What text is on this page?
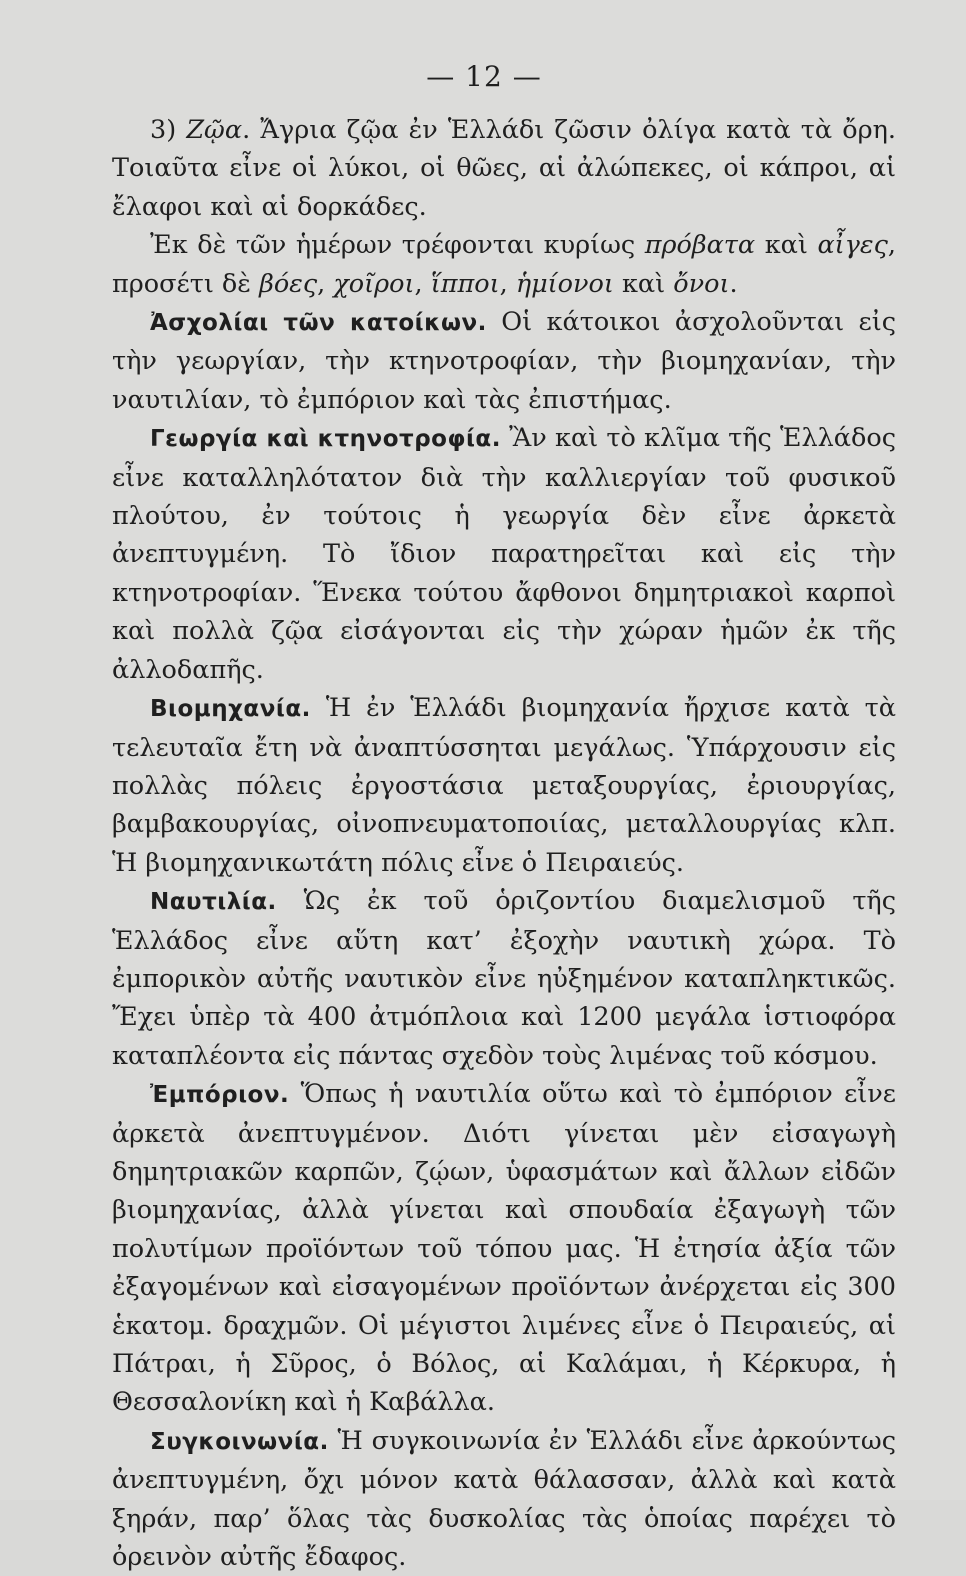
— 12 —

3) Ζῷα. Ἄγρια ζῷα ἐν Ἑλλάδι ζῶσιν ὀλίγα κατὰ τὰ ὄρη. Τοιαῦτα εἶνε οἱ λύκοι, οἱ θῶες, αἱ ἀλώπεκες, οἱ κάπροι, αἱ ἔλαφοι καὶ αἱ δορκάδες.

Ἐκ δὲ τῶν ἡμέρων τρέφονται κυρίως πρόβατα καὶ αἶγες, προσέτι δὲ βόες, χοῖροι, ἵπποι, ἡμίονοι καὶ ὄνοι.

Ἀσχολίαι τῶν κατοίκων. Οἱ κάτοικοι ἀσχολοῦνται εἰς τὴν γεωργίαν, τὴν κτηνοτροφίαν, τὴν βιομηχανίαν, τὴν ναυτιλίαν, τὸ ἐμπόριον καὶ τὰς ἐπιστήμας.

Γεωργία καὶ κτηνοτροφία. Ἂν καὶ τὸ κλῖμα τῆς Ἑλλάδος εἶνε καταλληλότατον διὰ τὴν καλλιεργίαν τοῦ φυσικοῦ πλούτου, ἐν τούτοις ἡ γεωργία δὲν εἶνε ἀρκετὰ ἀνεπτυγμένη. Τὸ ἴδιον παρατηρεῖται καὶ εἰς τὴν κτηνοτροφίαν. Ἕνεκα τούτου ἄφθονοι δημητριακοὶ καρποὶ καὶ πολλὰ ζῷα εἰσάγονται εἰς τὴν χώραν ἡμῶν ἐκ τῆς ἀλλοδαπῆς.

Βιομηχανία. Ἡ ἐν Ἑλλάδι βιομηχανία ἤρχισε κατὰ τὰ τελευταῖα ἔτη νὰ ἀναπτύσσηται μεγάλως. Ὑπάρχουσιν εἰς πολλὰς πόλεις ἐργοστάσια μεταξουργίας, ἐριουργίας, βαμβακουργίας, οἰνοπνευματοποιίας, μεταλλουργίας κλπ. Ἡ βιομηχανικωτάτη πόλις εἶνε ὁ Πειραιεύς.

Ναυτιλία. Ὡς ἐκ τοῦ ὁριζοντίου διαμελισμοῦ τῆς Ἑλλάδος εἶνε αὕτη κατ’ ἐξοχὴν ναυτικὴ χώρα. Τὸ ἐμπορικὸν αὐτῆς ναυτικὸν εἶνε ηὐξημένον καταπληκτικῶς. Ἔχει ὑπὲρ τὰ 400 ἀτμόπλοια καὶ 1200 μεγάλα ἱστιοφόρα καταπλέοντα εἰς πάντας σχεδὸν τοὺς λιμένας τοῦ κόσμου.

Ἐμπόριον. Ὅπως ἡ ναυτιλία οὕτω καὶ τὸ ἐμπόριον εἶνε ἀρκετὰ ἀνεπτυγμένον. Διότι γίνεται μὲν εἰσαγωγὴ δημητριακῶν καρπῶν, ζῴων, ὑφασμάτων καὶ ἄλλων εἰδῶν βιομηχανίας, ἀλλὰ γίνεται καὶ σπουδαία ἐξαγωγὴ τῶν πολυτίμων προϊόντων τοῦ τόπου μας. Ἡ ἐτησία ἀξία τῶν ἐξαγομένων καὶ εἰσαγομένων προϊόντων ἀνέρχεται εἰς 300 ἑκατομ. δραχμῶν. Οἱ μέγιστοι λιμένες εἶνε ὁ Πειραιεύς, αἱ Πάτραι, ἡ Σῦρος, ὁ Βόλος, αἱ Καλάμαι, ἡ Κέρκυρα, ἡ Θεσσαλονίκη καὶ ἡ Καβάλλα.

Συγκοινωνία. Ἡ συγκοινωνία ἐν Ἑλλάδι εἶνε ἀρκούντως ἀνεπτυγμένη, ὄχι μόνον κατὰ θάλασσαν, ἀλλὰ καὶ κατὰ ξηράν, παρ’ ὅλας τὰς δυσκολίας τὰς ὁποίας παρέχει τὸ ὀρεινὸν αὐτῆς ἔδαφος.
